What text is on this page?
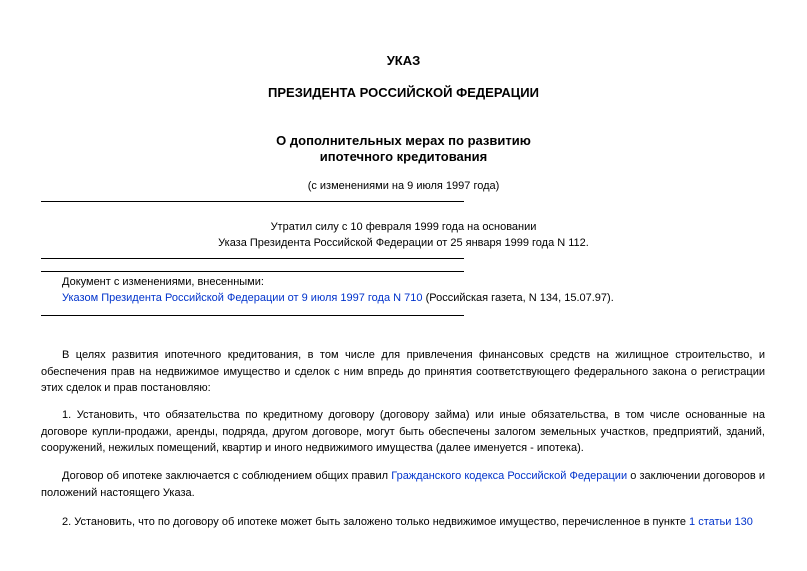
УКАЗ
ПРЕЗИДЕНТА РОССИЙСКОЙ ФЕДЕРАЦИИ
О дополнительных мерах по развитию
ипотечного кредитования
(с изменениями на 9 июля 1997 года)
Утратил силу с 10 февраля 1999 года на основании
Указа Президента Российской Федерации от 25 января 1999 года N 112.
Документ с изменениями, внесенными:
Указом Президента Российской Федерации от 9 июля 1997 года N 710 (Российская газета, N 134, 15.07.97).
В целях развития ипотечного кредитования, в том числе для привлечения финансовых средств на жилищное строительство, и обеспечения прав на недвижимое имущество и сделок с ним впредь до принятия соответствующего федерального закона о регистрации этих сделок и прав постановляю:
1. Установить, что обязательства по кредитному договору (договору займа) или иные обязательства, в том числе основанные на договоре купли-продажи, аренды, подряда, другом договоре, могут быть обеспечены залогом земельных участков, предприятий, зданий, сооружений, нежилых помещений, квартир и иного недвижимого имущества (далее именуется - ипотека).
Договор об ипотеке заключается с соблюдением общих правил Гражданского кодекса Российской Федерации о заключении договоров и положений настоящего Указа.
2. Установить, что по договору об ипотеке может быть заложено только недвижимое имущество, перечисленное в пункте 1 статьи 130
